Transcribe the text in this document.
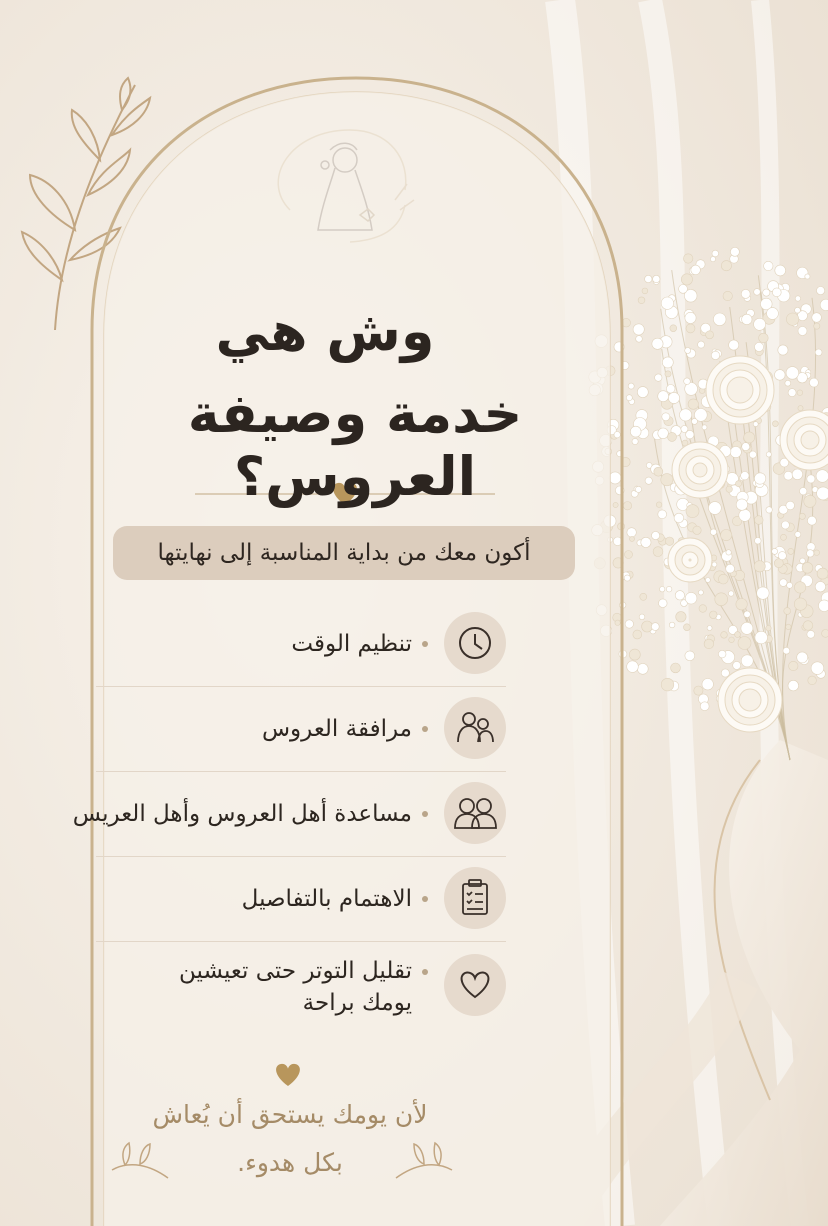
وش هي
خدمة وصيفة العروس؟
أكون معك من بداية المناسبة إلى نهايتها
تنظيم الوقت
مرافقة العروس
مساعدة أهل العروس وأهل العريس
الاهتمام بالتفاصيل
تقليل التوتر حتى تعيشين
يومك براحة
لأن يومك يستحق أن يُعاش
بكل هدوء.
